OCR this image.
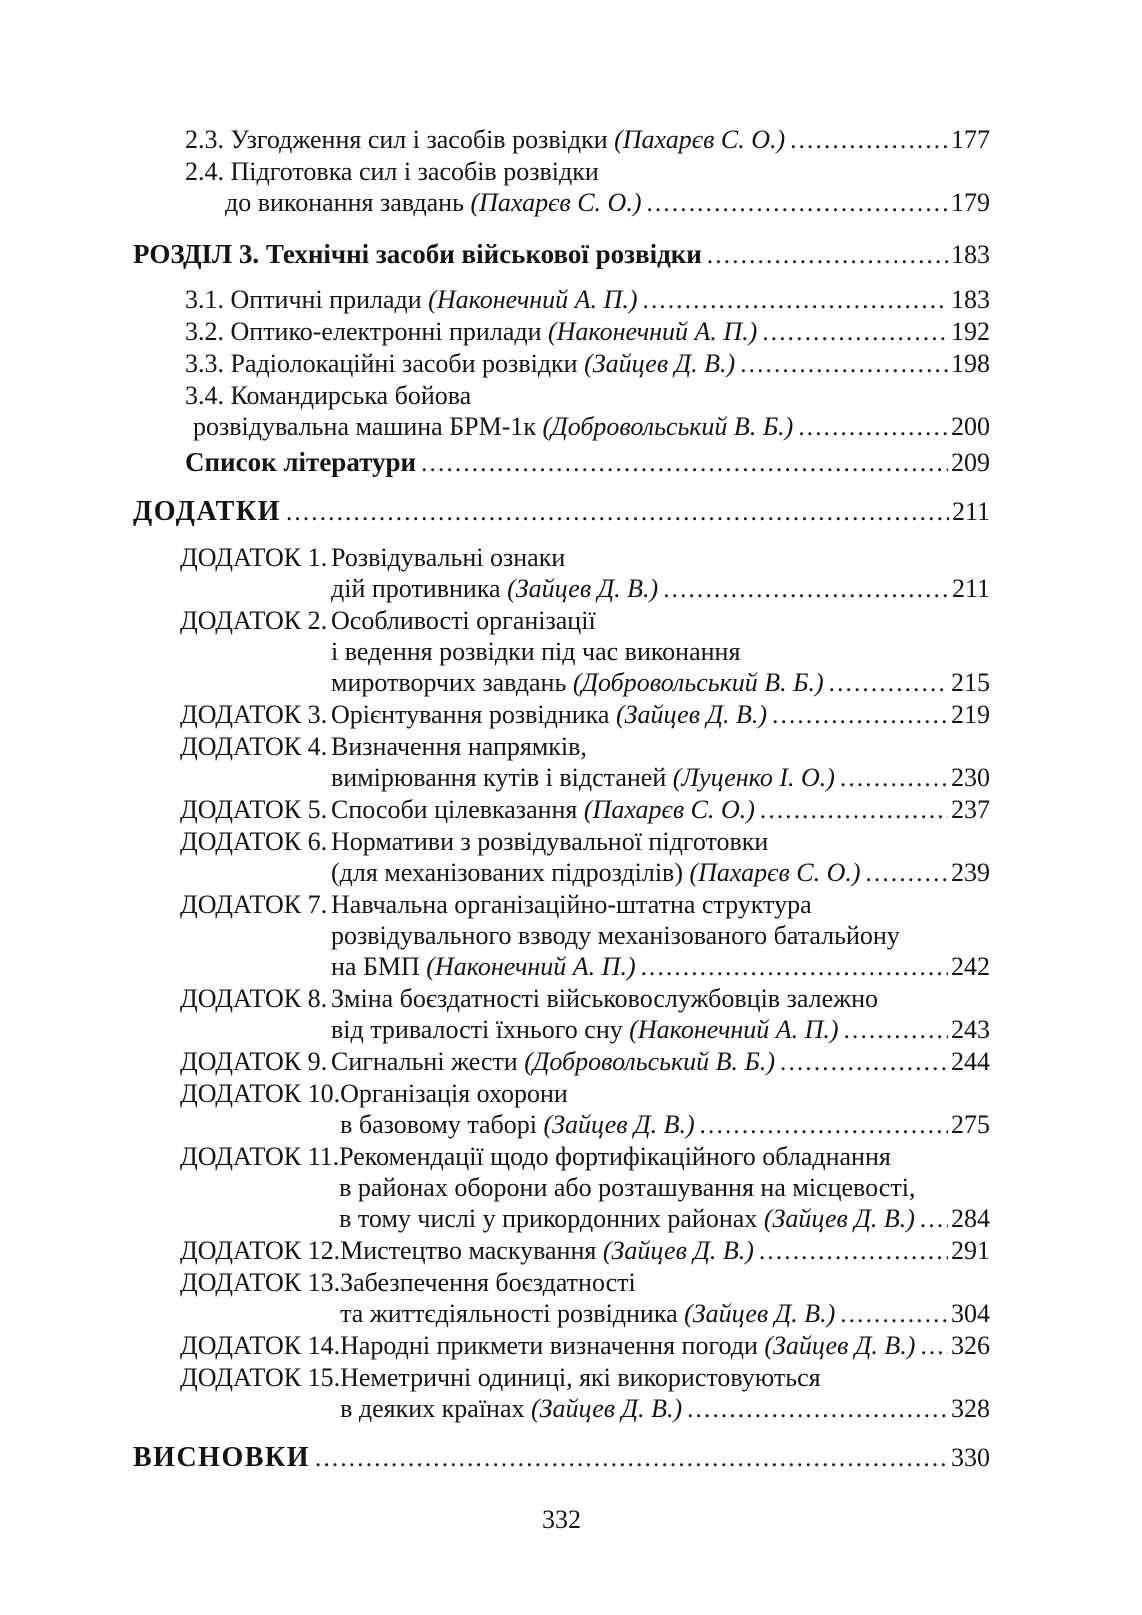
2.3. Узгодження сил і засобів розвідки (Пахарєв С. О.) .....	177
2.4. Підготовка сил і засобів розвідки
до виконання завдань (Пахарєв С. О.) .....	179
РОЗДІЛ 3. Технічні засоби військової розвідки .....	183
3.1. Оптичні прилади (Наконечний А. П.) .....	183
3.2. Оптико-електронні прилади (Наконечний А. П.) .....	192
3.3. Радіолокаційні засоби розвідки (Зайцев Д. В.) .....	198
3.4. Командирська бойова
розвідувальна машина БРМ-1к (Добровольський В. Б.) .....	200
Список літератури .....	209
ДОДАТКИ .....	211
ДОДАТОК 1. Розвідувальні ознаки
дій противника (Зайцев Д. В.) .....	211
ДОДАТОК 2. Особливості організації
і ведення розвідки під час виконання
миротворчих завдань (Добровольський В. Б.) .....	215
ДОДАТОК 3. Орієнтування розвідника (Зайцев Д. В.) .....	219
ДОДАТОК 4. Визначення напрямків,
вимірювання кутів і відстаней (Луценко І. О.) .....	230
ДОДАТОК 5. Способи цілевказання (Пахарєв С. О.) .....	237
ДОДАТОК 6. Нормативи з розвідувальної підготовки
(для механізованих підрозділів) (Пахарєв С. О.) .....	239
ДОДАТОК 7. Навчальна організаційно-штатна структура
розвідувального взводу механізованого батальйону
на БМП (Наконечний А. П.) .....	242
ДОДАТОК 8. Зміна боєздатності військовослужбовців залежно
від тривалості їхнього сну (Наконечний А. П.) .....	243
ДОДАТОК 9. Сигнальні жести (Добровольський В. Б.) .....	244
ДОДАТОК 10. Організація охорони
в базовому таборі (Зайцев Д. В.) .....	275
ДОДАТОК 11. Рекомендації щодо фортифікаційного обладнання
в районах оборони або розташування на місцевості,
в тому числі у прикордонних районах (Зайцев Д. В.) ..... 284
ДОДАТОК 12. Мистецтво маскування (Зайцев Д. В.) .....	291
ДОДАТОК 13. Забезпечення боєздатності
та життєдіяльності розвідника (Зайцев Д. В.) .....	304
ДОДАТОК 14. Народні прикмети визначення погоди (Зайцев Д. В.) ..... 326
ДОДАТОК 15. Неметричні одиниці, які використовуються
в деяких країнах (Зайцев Д. В.) .....	328
ВИСНОВКИ .....	330
332
